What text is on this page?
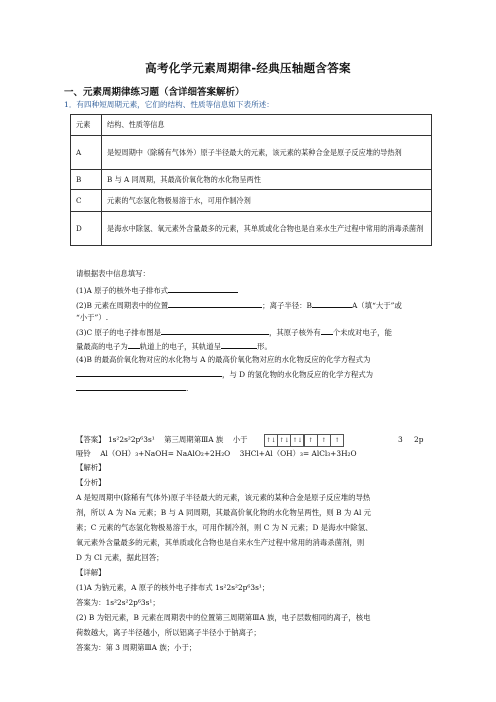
高考化学元素周期律-经典压轴题含答案
一、元素周期律练习题（含详细答案解析）
1．有四种短周期元素，它们的结构、性质等信息如下表所述：
元素	结构、性质等信息
A	是短周期中（除稀有气体外）原子半径最大的元素，该元素的某种合金是原子反应堆的导热剂
B	B 与 A 同周期，其最高价氧化物的水化物呈两性
C	元素的气态氢化物极易溶于水，可用作制冷剂
D	是海水中除氢、氧元素外含量最多的元素，其单质或化合物也是自来水生产过程中常用的消毒杀菌剂
请根据表中信息填写：
(1)A 原子的核外电子排布式
(2)B 元素在周期表中的位置	；离子半径：B	A（填“大于”或
“小于”）.
(3)C 原子的电子排布图是	，其原子核外有 个未成对电子，能
量最高的电子为 轨道上的电子，其轨道呈	形。
(4)B 的最高价氧化物对应的水化物与 A 的最高价氧化物对应的水化物反应的化学方程式为
，与 D 的氢化物的水化物反应的化学方程式为
.
【答案】 1s²2s²2p⁶3s¹ 第三周期第ⅢA 族 小于	↑↓ ↑↓ ↑↓ ↑	↑	↑	3 2p
哑铃 Al（OH）₃+NaOH= NaAlO₂+2H₂O 3HCl+Al（OH）₃= AlCl₃+3H₂O
【解析】
【分析】
A 是短周期中(除稀有气体外)原子半径最大的元素，该元素的某种合金是原子反应堆的导热
剂，所以 A 为 Na 元素；B 与 A 同周期，其最高价氧化物的水化物呈两性，则 B 为 Al 元
素；C 元素的气态氢化物极易溶于水，可用作制冷剂，则 C 为 N 元素；D 是海水中除氢、
氧元素外含量最多的元素，其单质或化合物也是自来水生产过程中常用的消毒杀菌剂，则
D 为 Cl 元素，据此回答；
【详解】
(1)A 为钠元素，A 原子的核外电子排布式 1s²2s²2p⁶3s¹；
答案为：1s²2s²2p⁶3s¹；
(2) B 为铝元素，B 元素在周期表中的位置第三周期第ⅢA 族，电子层数相同的离子，核电
荷数越大，离子半径越小，所以铝离子半径小于钠离子；
答案为：第 3 周期第ⅢA 族；小于；
